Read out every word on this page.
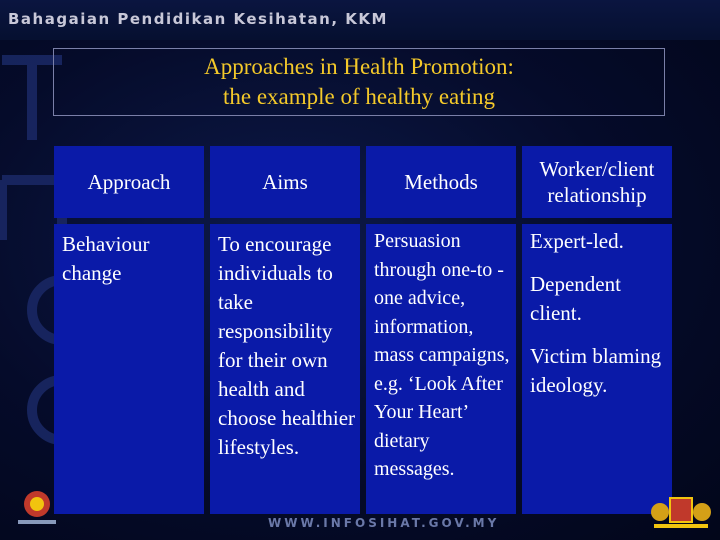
Bahagaian Pendidikan Kesihatan, KKM
Approaches in Health Promotion:
the example of healthy eating
Approach	Aims	Methods
Worker/client relationship
Behaviour change
To encourage individuals to take responsibility for their own health and choose healthier lifestyles.
Persuasion through one-to -one advice, information, mass campaigns, e.g. ‘Look After Your Heart’ dietary messages.
Expert-led.
Dependent client.
Victim blaming ideology.
WWW.INFOSIHAT.GOV.MY
